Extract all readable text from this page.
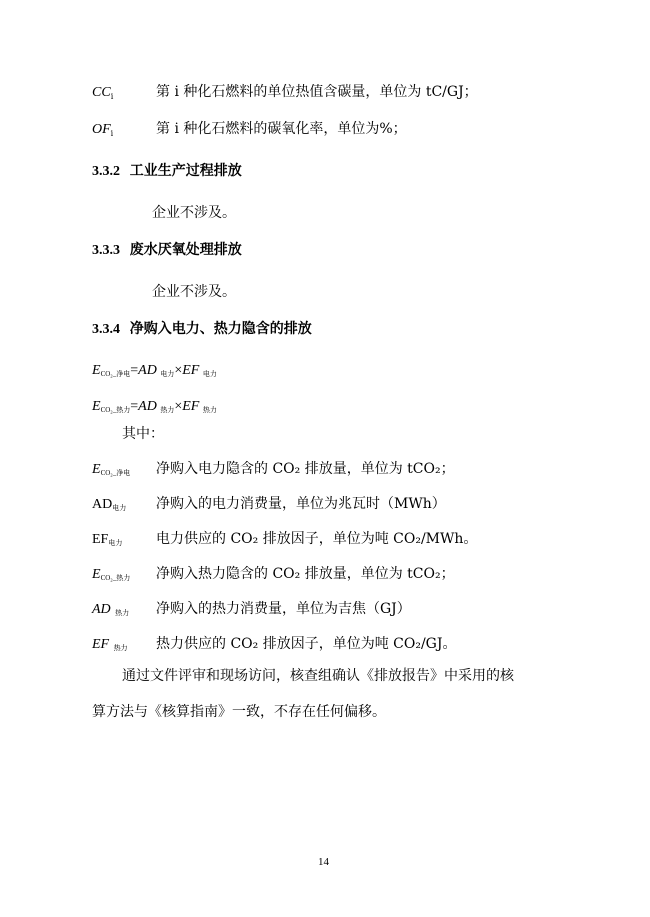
$CC_i$	第 i 种化石燃料的单位热值含碳量，单位为 tC/GJ；
$OF_i$	第 i 种化石燃料的碳氧化率，单位为%；
3.3.2 工业生产过程排放
企业不涉及。
3.3.3 废水厌氧处理排放
企业不涉及。
3.3.4 净购入电力、热力隐含的排放
ECO₂_净电=AD 电力×EF 电力
ECO₂_热力=AD 热力×EF 热力
其中：
ECO₂_净电 净购入电力隐含的 CO₂ 排放量，单位为 tCO₂；
AD电力 净购入的电力消费量，单位为兆瓦时（MWh）
EF电力 电力供应的 CO₂ 排放因子，单位为吨 CO₂/MWh。
ECO₂_热力 净购入热力隐含的 CO₂ 排放量，单位为 tCO₂；
AD 热力 净购入的热力消费量，单位为吉焦（GJ）
EF 热力 热力供应的 CO₂ 排放因子，单位为吨 CO₂/GJ。
通过文件评审和现场访问，核查组确认《排放报告》中采用的核
算方法与《核算指南》一致，不存在任何偏移。
14
